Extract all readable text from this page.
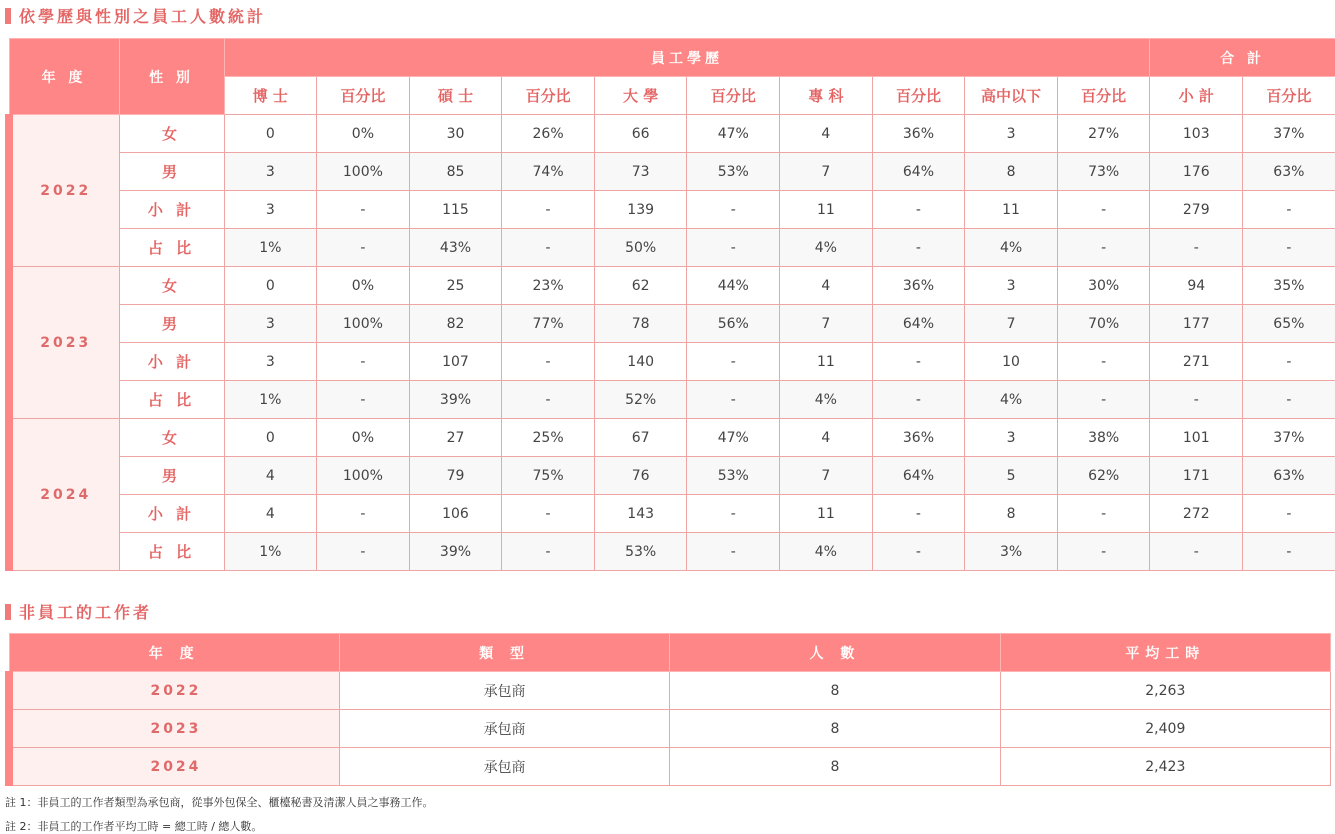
依學歷與性別之員工人數統計
年 度	性 別	員工學歷										合 計	
		博 士	百分比	碩 士	百分比	大 學	百分比	專 科	百分比	高中以下	百分比	小 計	百分比
2022	女	0	0%	30	26%	66	47%	4	36%	3	27%	103	37%
	男	3	100%	85	74%	73	53%	7	64%	8	73%	176	63%
	小 計	3	-	115	-	139	-	11	-	11	-	279	-
	占 比	1%	-	43%	-	50%	-	4%	-	4%	-	-	-
2023	女	0	0%	25	23%	62	44%	4	36%	3	30%	94	35%
	男	3	100%	82	77%	78	56%	7	64%	7	70%	177	65%
	小 計	3	-	107	-	140	-	11	-	10	-	271	-
	占 比	1%	-	39%	-	52%	-	4%	-	4%	-	-	-
2024	女	0	0%	27	25%	67	47%	4	36%	3	38%	101	37%
	男	4	100%	79	75%	76	53%	7	64%	5	62%	171	63%
	小 計	4	-	106	-	143	-	11	-	8	-	272	-
	占 比	1%	-	39%	-	53%	-	4%	-	3%	-	-	-
非員工的工作者
年 度	類 型	人 數	平均工時
2022	承包商	8	2,263
2023	承包商	8	2,409
2024	承包商	8	2,423
註 1：非員工的工作者類型為承包商，從事外包保全、櫃檯秘書及清潔人員之事務工作。
註 2：非員工的工作者平均工時 = 總工時 / 總人數。
